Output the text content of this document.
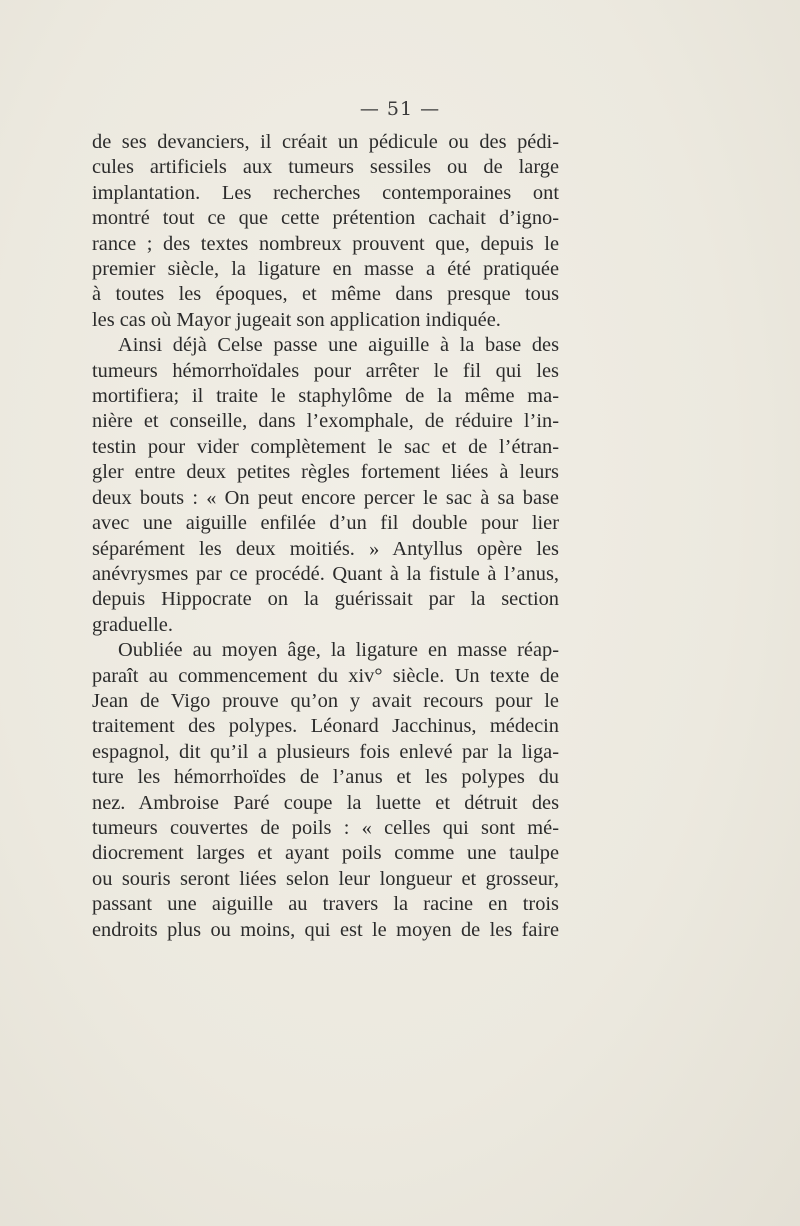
— 51 —
de ses devanciers, il créait un pédicule ou des pédi-
cules artificiels aux tumeurs sessiles ou de large
implantation. Les recherches contemporaines ont
montré tout ce que cette prétention cachait d’igno-
rance ; des textes nombreux prouvent que, depuis le
premier siècle, la ligature en masse a été pratiquée
à toutes les époques, et même dans presque tous
les cas où Mayor jugeait son application indiquée.
Ainsi déjà Celse passe une aiguille à la base des
tumeurs hémorrhoïdales pour arrêter le fil qui les
mortifiera; il traite le staphylôme de la même ma-
nière et conseille, dans l’exomphale, de réduire l’in-
testin pour vider complètement le sac et de l’étran-
gler entre deux petites règles fortement liées à leurs
deux bouts : « On peut encore percer le sac à sa base
avec une aiguille enfilée d’un fil double pour lier
séparément les deux moitiés. » Antyllus opère les
anévrysmes par ce procédé. Quant à la fistule à l’anus,
depuis Hippocrate on la guérissait par la section
graduelle.
Oubliée au moyen âge, la ligature en masse réap-
paraît au commencement du xiv° siècle. Un texte de
Jean de Vigo prouve qu’on y avait recours pour le
traitement des polypes. Léonard Jacchinus, médecin
espagnol, dit qu’il a plusieurs fois enlevé par la liga-
ture les hémorrhoïdes de l’anus et les polypes du
nez. Ambroise Paré coupe la luette et détruit des
tumeurs couvertes de poils : « celles qui sont mé-
diocrement larges et ayant poils comme une taulpe
ou souris seront liées selon leur longueur et grosseur,
passant une aiguille au travers la racine en trois
endroits plus ou moins, qui est le moyen de les faire
